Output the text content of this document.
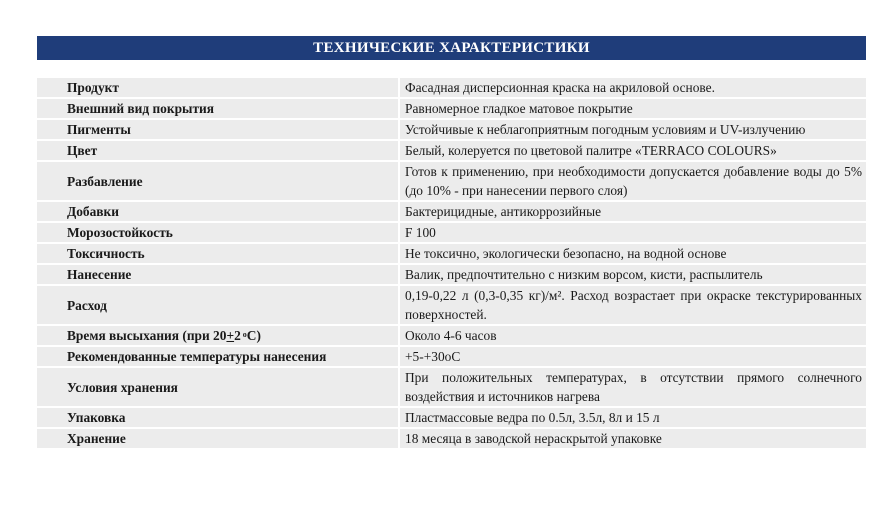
ТЕХНИЧЕСКИЕ ХАРАКТЕРИСТИКИ
Продукт	Фасадная дисперсионная краска на акриловой основе.
Внешний вид покрытия	Равномерное гладкое матовое покрытие
Пигменты	Устойчивые к неблагоприятным погодным условиям и UV-излучению
Цвет	Белый, колеруется по цветовой палитре «TERRACO COLOURS»
Разбавление	Готов к применению, при необходимости допускается добавление воды до 5% (до 10% - при нанесении первого слоя)
Добавки	Бактерицидные, антикоррозийные
Морозостойкость	F 100
Токсичность	Не токсично, экологически безопасно, на водной основе
Нанесение	Валик, предпочтительно с низким ворсом, кисти, распылитель
Расход	0,19-0,22 л (0,3-0,35 кг)/м². Расход возрастает при окраске текстурированных поверхностей.
Время высыхания (при 20+2 $^о$С)	Около 4-6 часов
Рекомендованные температуры нанесения	+5-+30оС
Условия хранения	При положительных температурах, в отсутствии прямого солнечного воздействия и источников нагрева
Упаковка	Пластмассовые ведра по 0.5л, 3.5л, 8л и 15 л
Хранение	18 месяца в заводской нераскрытой упаковке
